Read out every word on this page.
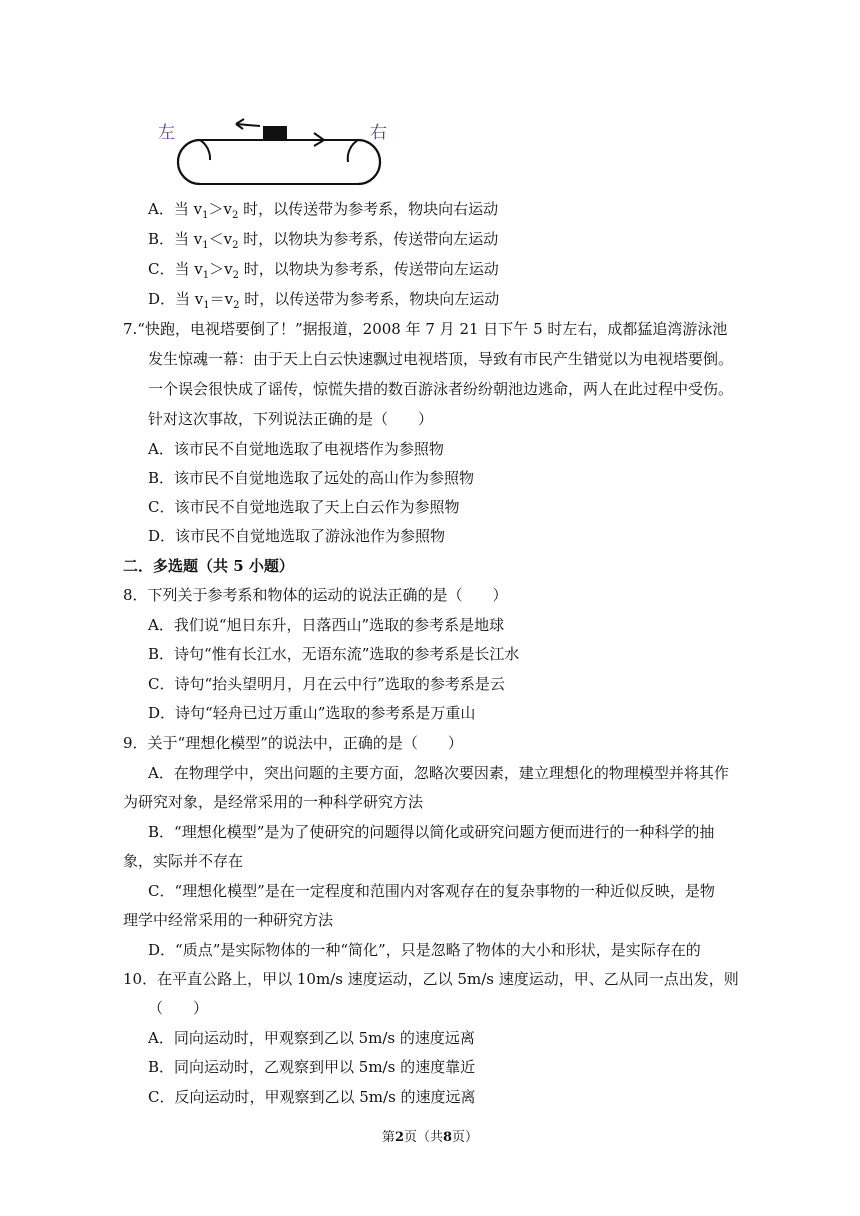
左	右
A．当 $v_1>v_2$ 时，以传送带为参考系，物块向右运动
B．当 $v_1<v_2$ 时，以物块为参考系，传送带向左运动
C．当 $v_1>v_2$ 时，以物块为参考系，传送带向左运动
D．当 $v_1=v_2$ 时，以传送带为参考系，物块向左运动
7.“快跑，电视塔要倒了！”据报道，2008 年 7 月 21 日下午 5 时左右，成都猛追湾游泳池
发生惊魂一幕：由于天上白云快速飘过电视塔顶，导致有市民产生错觉以为电视塔要倒。
一个误会很快成了谣传，惊慌失措的数百游泳者纷纷朝池边逃命，两人在此过程中受伤。
针对这次事故，下列说法正确的是（　　）
A．该市民不自觉地选取了电视塔作为参照物
B．该市民不自觉地选取了远处的高山作为参照物
C．该市民不自觉地选取了天上白云作为参照物
D．该市民不自觉地选取了游泳池作为参照物
二．多选题（共 5 小题）
8．下列关于参考系和物体的运动的说法正确的是（　　）
A．我们说“旭日东升，日落西山”选取的参考系是地球
B．诗句“惟有长江水，无语东流”选取的参考系是长江水
C．诗句“抬头望明月，月在云中行”选取的参考系是云
D．诗句“轻舟已过万重山”选取的参考系是万重山
9．关于“理想化模型”的说法中，正确的是（　　）
A．在物理学中，突出问题的主要方面，忽略次要因素，建立理想化的物理模型并将其作
为研究对象，是经常采用的一种科学研究方法
B．“理想化模型”是为了使研究的问题得以简化或研究问题方便而进行的一种科学的抽
象，实际并不存在
C．“理想化模型”是在一定程度和范围内对客观存在的复杂事物的一种近似反映，是物
理学中经常采用的一种研究方法
D．“质点”是实际物体的一种“简化”，只是忽略了物体的大小和形状，是实际存在的
10．在平直公路上，甲以 10m/s 速度运动，乙以 5m/s 速度运动，甲、乙从同一点出发，则
（　　）
A．同向运动时，甲观察到乙以 5m/s 的速度远离
B．同向运动时，乙观察到甲以 5m/s 的速度靠近
C．反向运动时，甲观察到乙以 5m/s 的速度远离
第2页（共8页）
